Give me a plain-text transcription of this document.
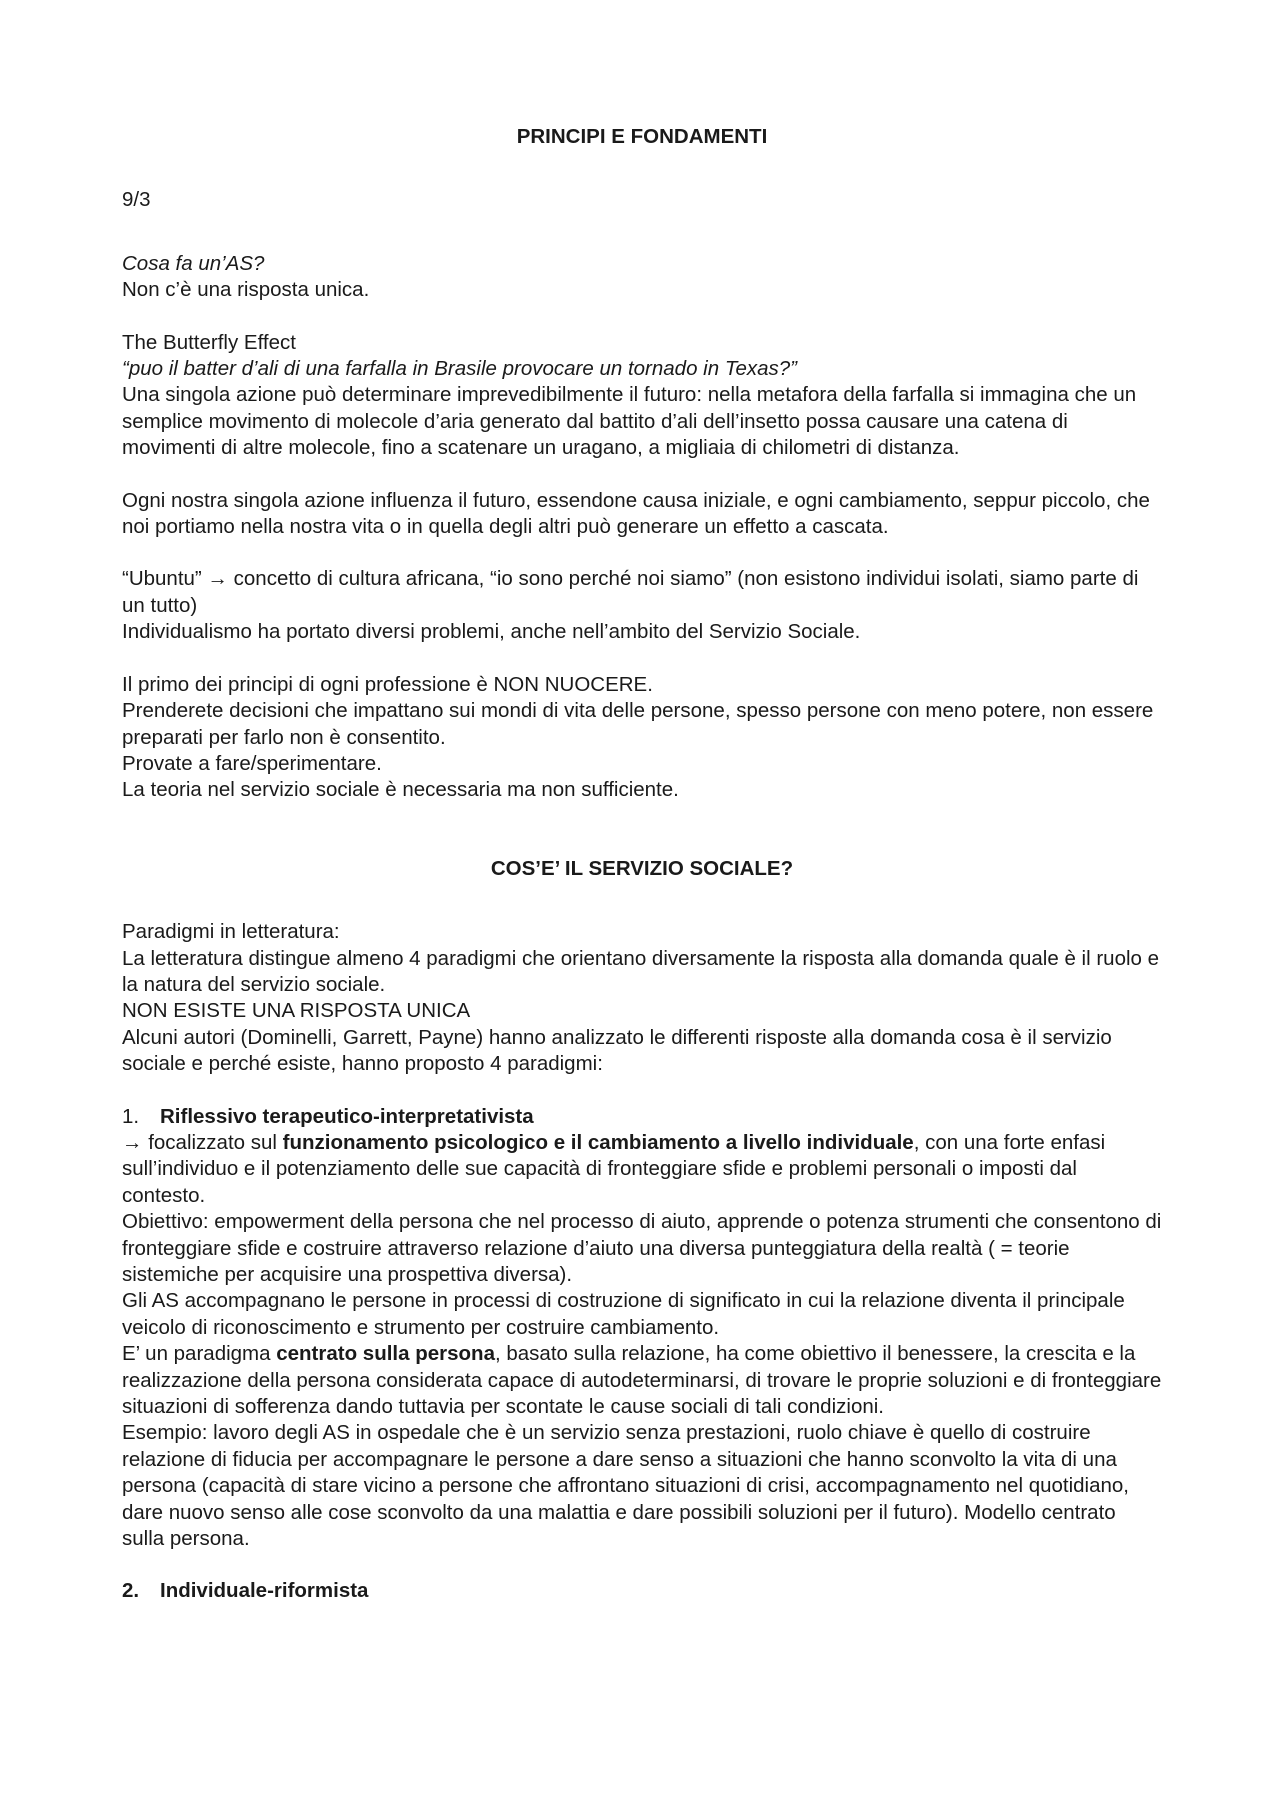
PRINCIPI E FONDAMENTI

9/3

Cosa fa un’AS?

Non c’è una risposta unica.

The Butterfly Effect

“puo il batter d’ali di una farfalla in Brasile provocare un tornado in Texas?”

Una singola azione può determinare imprevedibilmente il futuro: nella metafora della farfalla si immagina che un semplice movimento di molecole d’aria generato dal battito d’ali dell’insetto possa causare una catena di movimenti di altre molecole, fino a scatenare un uragano, a migliaia di chilometri di distanza.

Ogni nostra singola azione influenza il futuro, essendone causa iniziale, e ogni cambiamento, seppur piccolo, che noi portiamo nella nostra vita o in quella degli altri può generare un effetto a cascata.

“Ubuntu” → concetto di cultura africana, “io sono perché noi siamo” (non esistono individui isolati, siamo parte di un tutto)

Individualismo ha portato diversi problemi, anche nell’ambito del Servizio Sociale.

Il primo dei principi di ogni professione è NON NUOCERE.

Prenderete decisioni che impattano sui mondi di vita delle persone, spesso persone con meno potere, non essere preparati per farlo non è consentito.

Provate a fare/sperimentare.

La teoria nel servizio sociale è necessaria ma non sufficiente.

COS’E’ IL SERVIZIO SOCIALE?

Paradigmi in letteratura:

La letteratura distingue almeno 4 paradigmi che orientano diversamente la risposta alla domanda quale è il ruolo e la natura del servizio sociale.

NON ESISTE UNA RISPOSTA UNICA

Alcuni autori (Dominelli, Garrett, Payne) hanno analizzato le differenti risposte alla domanda cosa è il servizio sociale e perché esiste, hanno proposto 4 paradigmi:

1.	Riflessivo terapeutico-interpretativista

→ focalizzato sul funzionamento psicologico e il cambiamento a livello individuale, con una forte enfasi sull’individuo e il potenziamento delle sue capacità di fronteggiare sfide e problemi personali o imposti dal contesto.

Obiettivo: empowerment della persona che nel processo di aiuto, apprende o potenza strumenti che consentono di fronteggiare sfide e costruire attraverso relazione d’aiuto una diversa punteggiatura della realtà ( = teorie sistemiche per acquisire una prospettiva diversa).

Gli AS accompagnano le persone in processi di costruzione di significato in cui la relazione diventa il principale veicolo di riconoscimento e strumento per costruire cambiamento.

E’ un paradigma centrato sulla persona, basato sulla relazione, ha come obiettivo il benessere, la crescita e la realizzazione della persona considerata capace di autodeterminarsi, di trovare le proprie soluzioni e di fronteggiare situazioni di sofferenza dando tuttavia per scontate le cause sociali di tali condizioni.

Esempio: lavoro degli AS in ospedale che è un servizio senza prestazioni, ruolo chiave è quello di costruire relazione di fiducia per accompagnare le persone a dare senso a situazioni che hanno sconvolto la vita di una persona (capacità di stare vicino a persone che affrontano situazioni di crisi, accompagnamento nel quotidiano, dare nuovo senso alle cose sconvolto da una malattia e dare possibili soluzioni per il futuro). Modello centrato sulla persona.

2.	Individuale-riformista
